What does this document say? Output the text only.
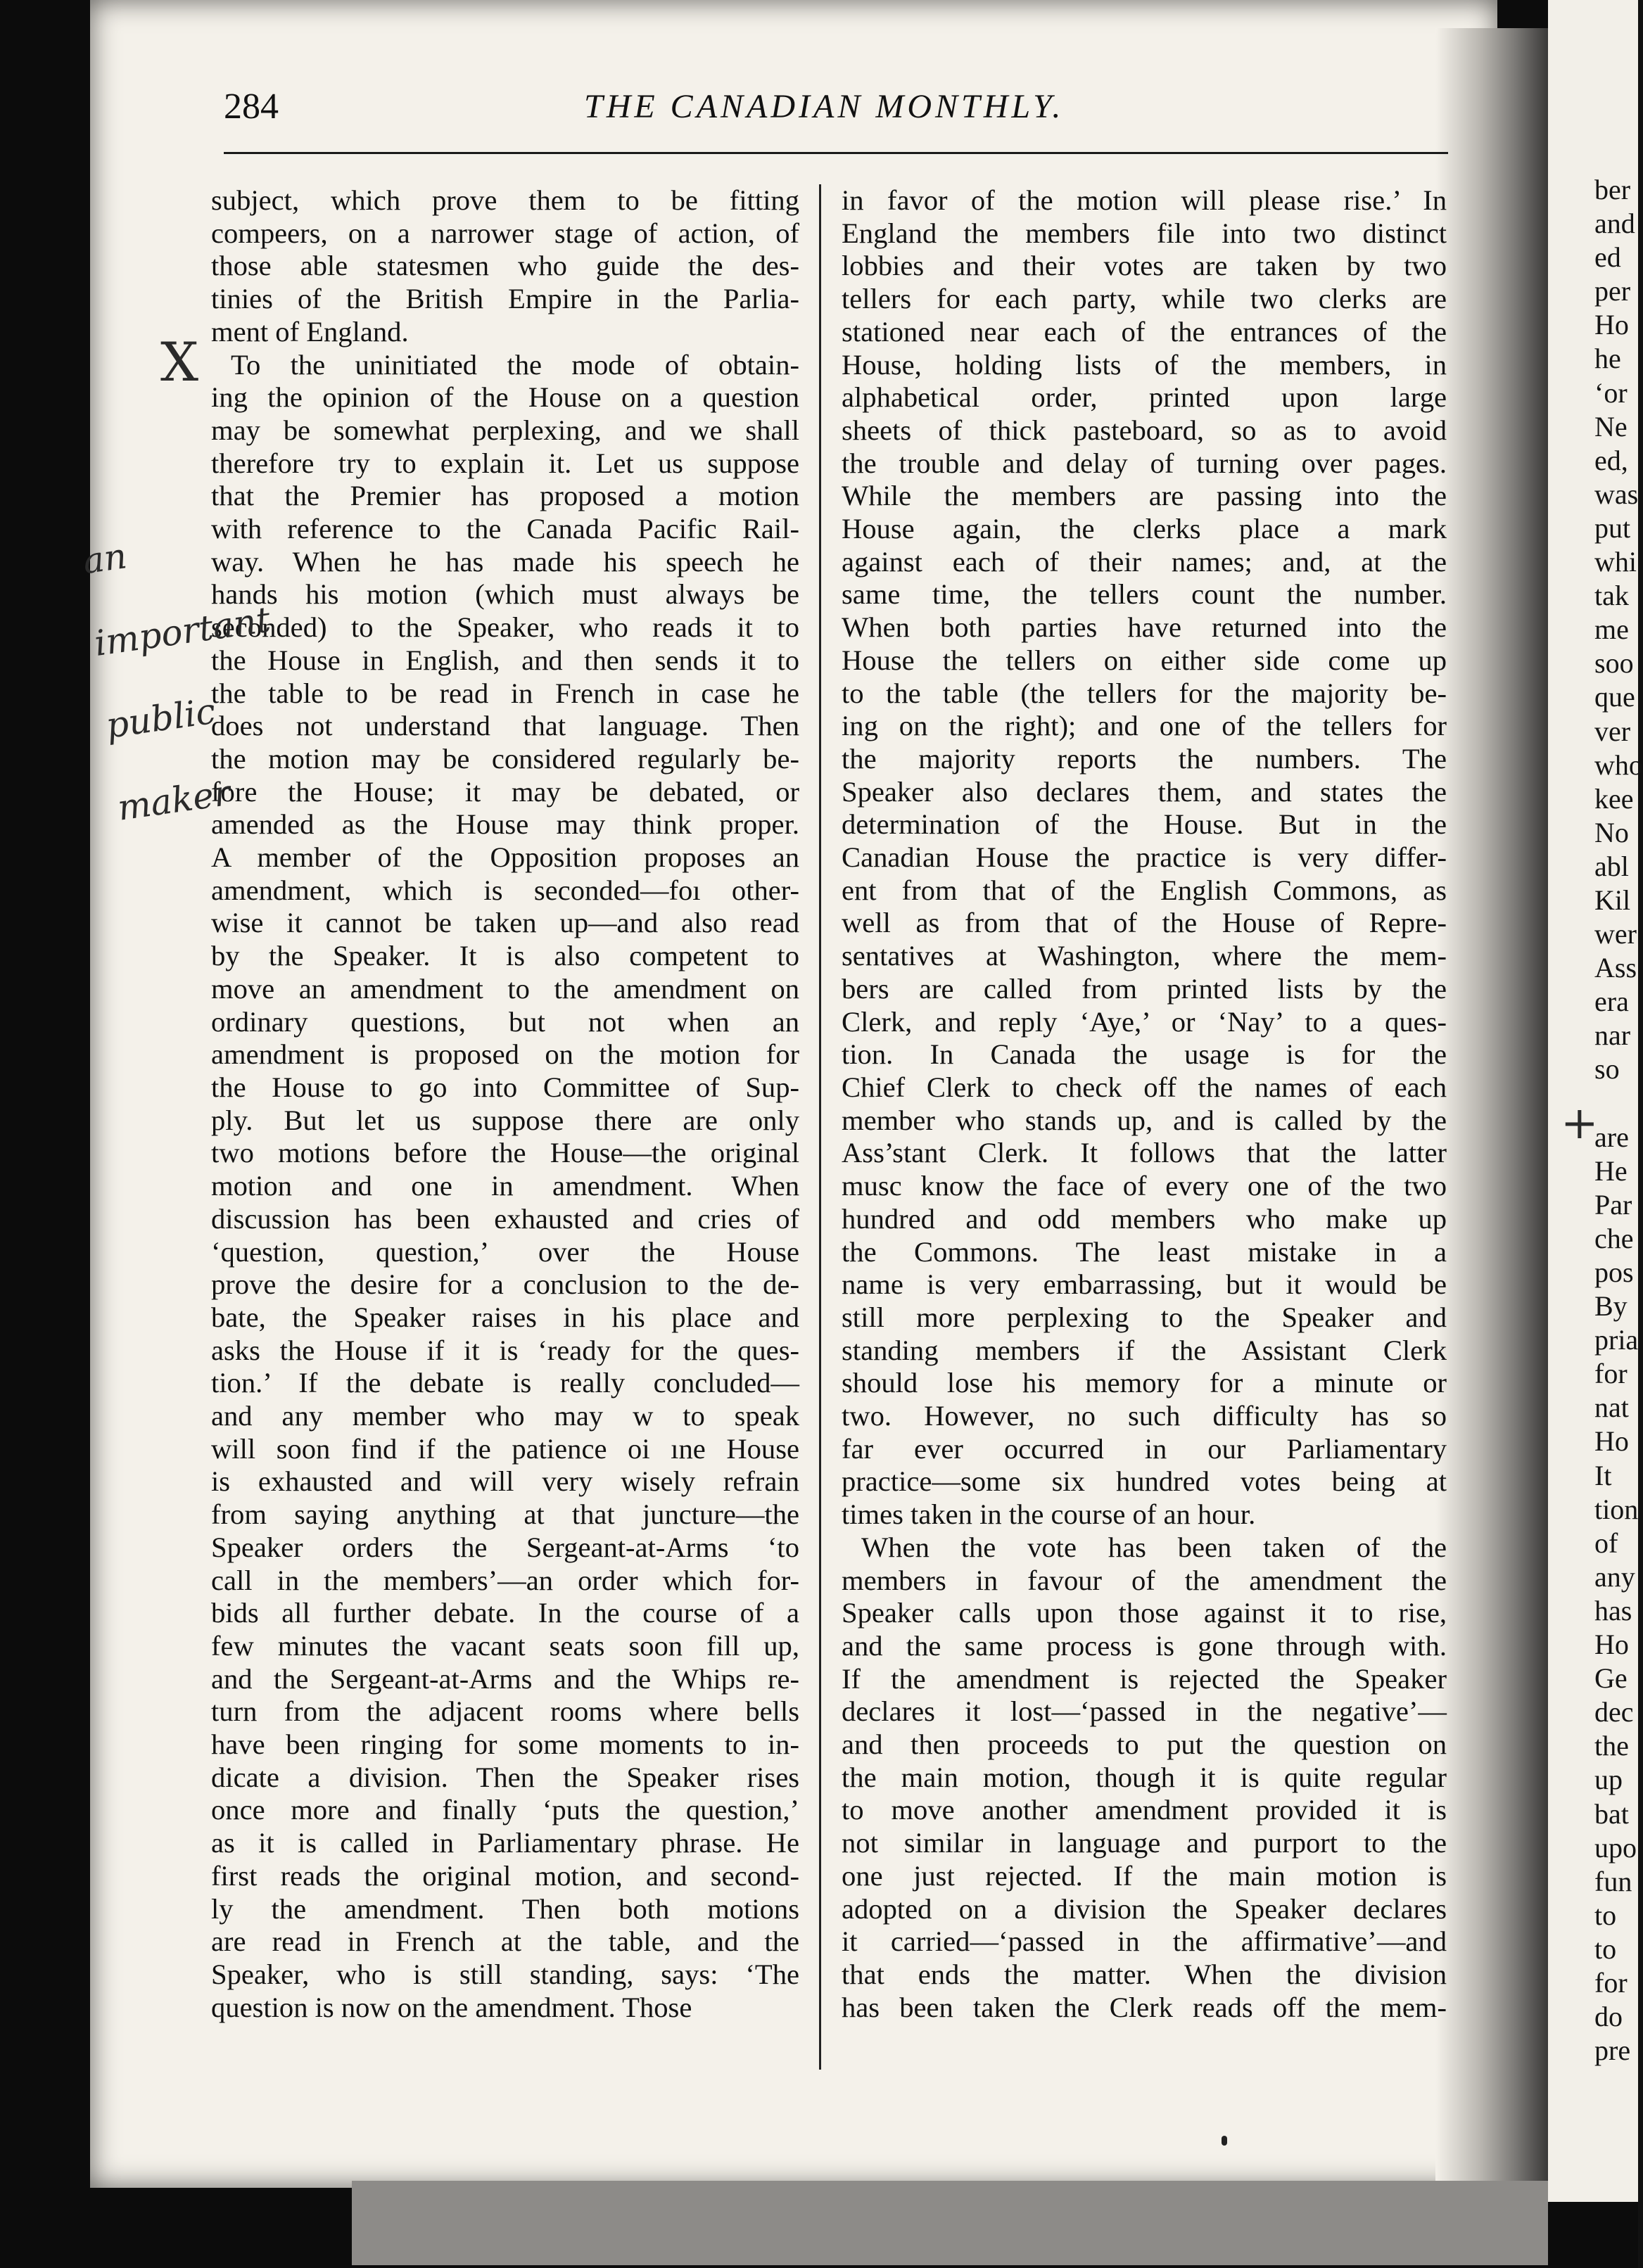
ber
and
ed
per
Ho
he
‘or
Ne
ed,
was
put
whi
tak
me
soo
que
ver
who
kee
No
abl
Kil
wer
Ass
era
nar
so
are
He
Par
che
pos
By
pria
for
nat
Ho
It
tion
of
any
has
Ho
Ge
dec
the
up
bat
upo
fun
to
to
for
do
pre
284	THE CANADIAN MONTHLY.
subject, which prove them to be fitting
compeers, on a narrower stage of action, of
those able statesmen who guide the des-
tinies of the British Empire in the Parlia-
ment of England.
To the uninitiated the mode of obtain-
ing the opinion of the House on a question
may be somewhat perplexing, and we shall
therefore try to explain it. Let us suppose
that the Premier has proposed a motion
with reference to the Canada Pacific Rail-
way. When he has made his speech he
hands his motion (which must always be
seconded) to the Speaker, who reads it to
the House in English, and then sends it to
the table to be read in French in case he
does not understand that language. Then
the motion may be considered regularly be-
fore the House; it may be debated, or
amended as the House may think proper.
A member of the Opposition proposes an
amendment, which is seconded—foı other-
wise it cannot be taken up—and also read
by the Speaker. It is also competent to
move an amendment to the amendment on
ordinary questions, but not when an
amendment is proposed on the motion for
the House to go into Committee of Sup-
ply. But let us suppose there are only
two motions before the House—the original
motion and one in amendment. When
discussion has been exhausted and cries of
‘question, question,’ over the House
prove the desire for a conclusion to the de-
bate, the Speaker raises in his place and
asks the House if it is ‘ready for the ques-
tion.’ If the debate is really concluded—
and any member who may w to speak
will soon find if the patience oi ıne House
is exhausted and will very wisely refrain
from saying anything at that juncture—the
Speaker orders the Sergeant-at-Arms ‘to
call in the members’—an order which for-
bids all further debate. In the course of a
few minutes the vacant seats soon fill up,
and the Sergeant-at-Arms and the Whips re-
turn from the adjacent rooms where bells
have been ringing for some moments to in-
dicate a division. Then the Speaker rises
once more and finally ‘puts the question,’
as it is called in Parliamentary phrase. He
first reads the original motion, and second-
ly the amendment. Then both motions
are read in French at the table, and the
Speaker, who is still standing, says: ‘The
question is now on the amendment. Those
in favor of the motion will please rise.’ In
England the members file into two distinct
lobbies and their votes are taken by two
tellers for each party, while two clerks are
stationed near each of the entrances of the
House, holding lists of the members, in
alphabetical order, printed upon large
sheets of thick pasteboard, so as to avoid
the trouble and delay of turning over pages.
While the members are passing into the
House again, the clerks place a mark
against each of their names; and, at the
same time, the tellers count the number.
When both parties have returned into the
House the tellers on either side come up
to the table (the tellers for the majority be-
ing on the right); and one of the tellers for
the majority reports the numbers. The
Speaker also declares them, and states the
determination of the House. But in the
Canadian House the practice is very differ-
ent from that of the English Commons, as
well as from that of the House of Repre-
sentatives at Washington, where the mem-
bers are called from printed lists by the
Clerk, and reply ‘Aye,’ or ‘Nay’ to a ques-
tion. In Canada the usage is for the
Chief Clerk to check off the names of each
member who stands up, and is called by the
Ass’stant Clerk. It follows that the latter
musc know the face of every one of the two
hundred and odd members who make up
the Commons. The least mistake in a
name is very embarrassing, but it would be
still more perplexing to the Speaker and
standing members if the Assistant Clerk
should lose his memory for a minute or
two. However, no such difficulty has so
far ever occurred in our Parliamentary
practice—some six hundred votes being at
times taken in the course of an hour.
When the vote has been taken of the
members in favour of the amendment the
Speaker calls upon those against it to rise,
and the same process is gone through with.
If the amendment is rejected the Speaker
declares it lost—‘passed in the negative’—
and then proceeds to put the question on
the main motion, though it is quite regular
to move another amendment provided it is
not similar in language and purport to the
one just rejected. If the main motion is
adopted on a division the Speaker declares
it carried—‘passed in the affirmative’—and
that ends the matter. When the division
has been taken the Clerk reads off the mem-
X
an
important
public
maker
+
